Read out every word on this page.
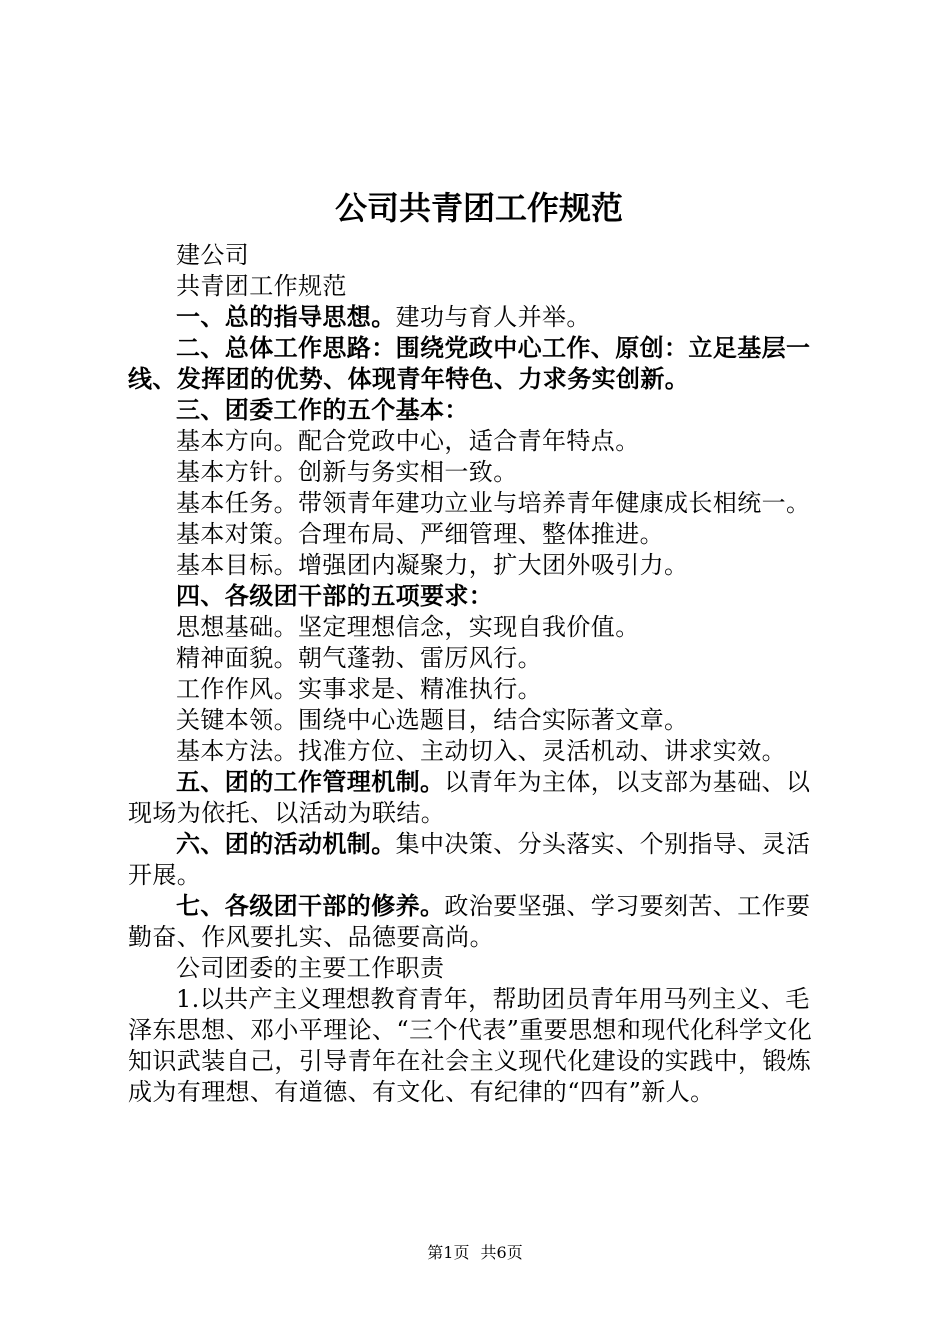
公司共青团工作规范

建公司

共青团工作规范

一、总的指导思想。建功与育人并举。

二、总体工作思路：围绕党政中心工作、原创：立足基层一线、发挥团的优势、体现青年特色、力求务实创新。

三、团委工作的五个基本：

基本方向。配合党政中心，适合青年特点。

基本方针。创新与务实相一致。

基本任务。带领青年建功立业与培养青年健康成长相统一。

基本对策。合理布局、严细管理、整体推进。

基本目标。增强团内凝聚力，扩大团外吸引力。

四、各级团干部的五项要求：

思想基础。坚定理想信念，实现自我价值。

精神面貌。朝气蓬勃、雷厉风行。

工作作风。实事求是、精准执行。

关键本领。围绕中心选题目，结合实际著文章。

基本方法。找准方位、主动切入、灵活机动、讲求实效。

五、团的工作管理机制。以青年为主体，以支部为基础、以现场为依托、以活动为联结。

六、团的活动机制。集中决策、分头落实、个别指导、灵活开展。

七、各级团干部的修养。政治要坚强、学习要刻苦、工作要勤奋、作风要扎实、品德要高尚。

公司团委的主要工作职责

1.以共产主义理想教育青年，帮助团员青年用马列主义、毛泽东思想、邓小平理论、“三个代表”重要思想和现代化科学文化知识武装自己，引导青年在社会主义现代化建设的实践中，锻炼成为有理想、有道德、有文化、有纪律的“四有”新人。

第1页 共6页
